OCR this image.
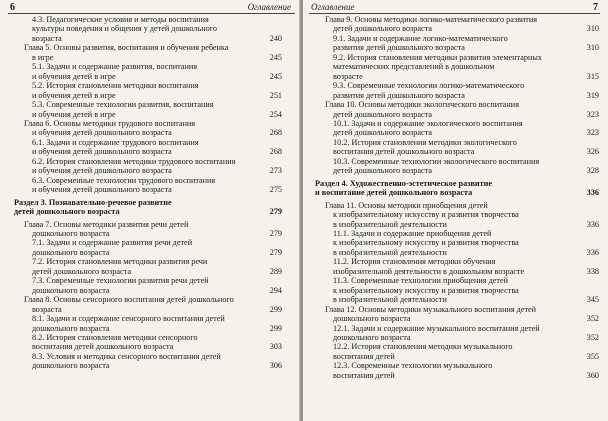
6	Оглавление
4.3. Педагогические условия и методы воспитания
культуры поведения и общения у детей дошкольного
возраста	240
Глава 5. Основы развития, воспитания и обучения ребенка
в игре	245
5.1. Задачи и содержание развития, воспитания
и обучения детей в игре	245
5.2. История становления методики воспитания
и обучения детей в игре	251
5.3. Современные технологии развития, воспитания
и обучения детей в игре	254
Глава 6. Основы методики трудового воспитания
и обучения детей дошкольного возраста	268
6.1. Задачи и содержание трудового воспитания
и обучения детей дошкольного возраста	268
6.2. История становления методики трудового воспитания
и обучения детей дошкольного возраста	273
6.3. Современные технологии трудового воспитания
и обучения детей дошкольного возраста	275
Раздел 3. Познавательно-речевое развитие
детей дошкольного возраста	279
Глава 7. Основы методики развития речи детей
дошкольного возраста	279
7.1. Задачи и содержание развития речи детей
дошкольного возраста	279
7.2. История становления методики развития речи
детей дошкольного возраста	289
7.3. Современные технологии развития речи детей
дошкольного возраста	294
Глава 8. Основы сенсорного воспитания детей дошкольного
возраста	299
8.1. Задачи и содержание сенсорного воспитания детей
дошкольного возраста	299
8.2. История становления методики сенсорного
воспитания детей дошкольного возраста	303
8.3. Условия и методика сенсорного воспитания детей
дошкольного возраста	306
Оглавление	7
Глава 9. Основы методики логико-математического развития
детей дошкольного возраста	310
9.1. Задачи и содержание логико-математического
развития детей дошкольного возраста	310
9.2. История становления методики развития элементарных
математических представлений в дошкольном
возрасте	315
9.3. Современные технологии логико-математического
развития детей дошкольного возраста	319
Глава 10. Основы методики экологического воспитания
детей дошкольного возраста	323
10.1. Задачи и содержание экологического воспитания
детей дошкольного возраста	323
10.2. История становления методики экологического
воспитания детей дошкольного возраста	326
10.3. Современные технологии экологического воспитания
детей дошкольного возраста	328
Раздел 4. Художественно-эстетическое развитие
и воспитание детей дошкольного возраста	336
Глава 11. Основы методики приобщения детей
к изобразительному искусству и развития творчества
в изобразительной деятельности	336
11.1. Задачи и содержание приобщения детей
к изобразительному искусству и развития творчества
в изобразительной деятельности	336
11.2. История становления методики обучения
изобразительной деятельности в дошкольном возрасте	338
11.3. Современные технологии приобщения детей
к изобразительному искусству и развития творчества
в изобразительной деятельности	345
Глава 12. Основы методики музыкального воспитания детей
дошкольного возраста	352
12.1. Задачи и содержание музыкального воспитания детей
дошкольного возраста	352
12.2. История становления методики музыкального
воспитания детей	355
12.3. Современные технологии музыкального
воспитания детей	360
